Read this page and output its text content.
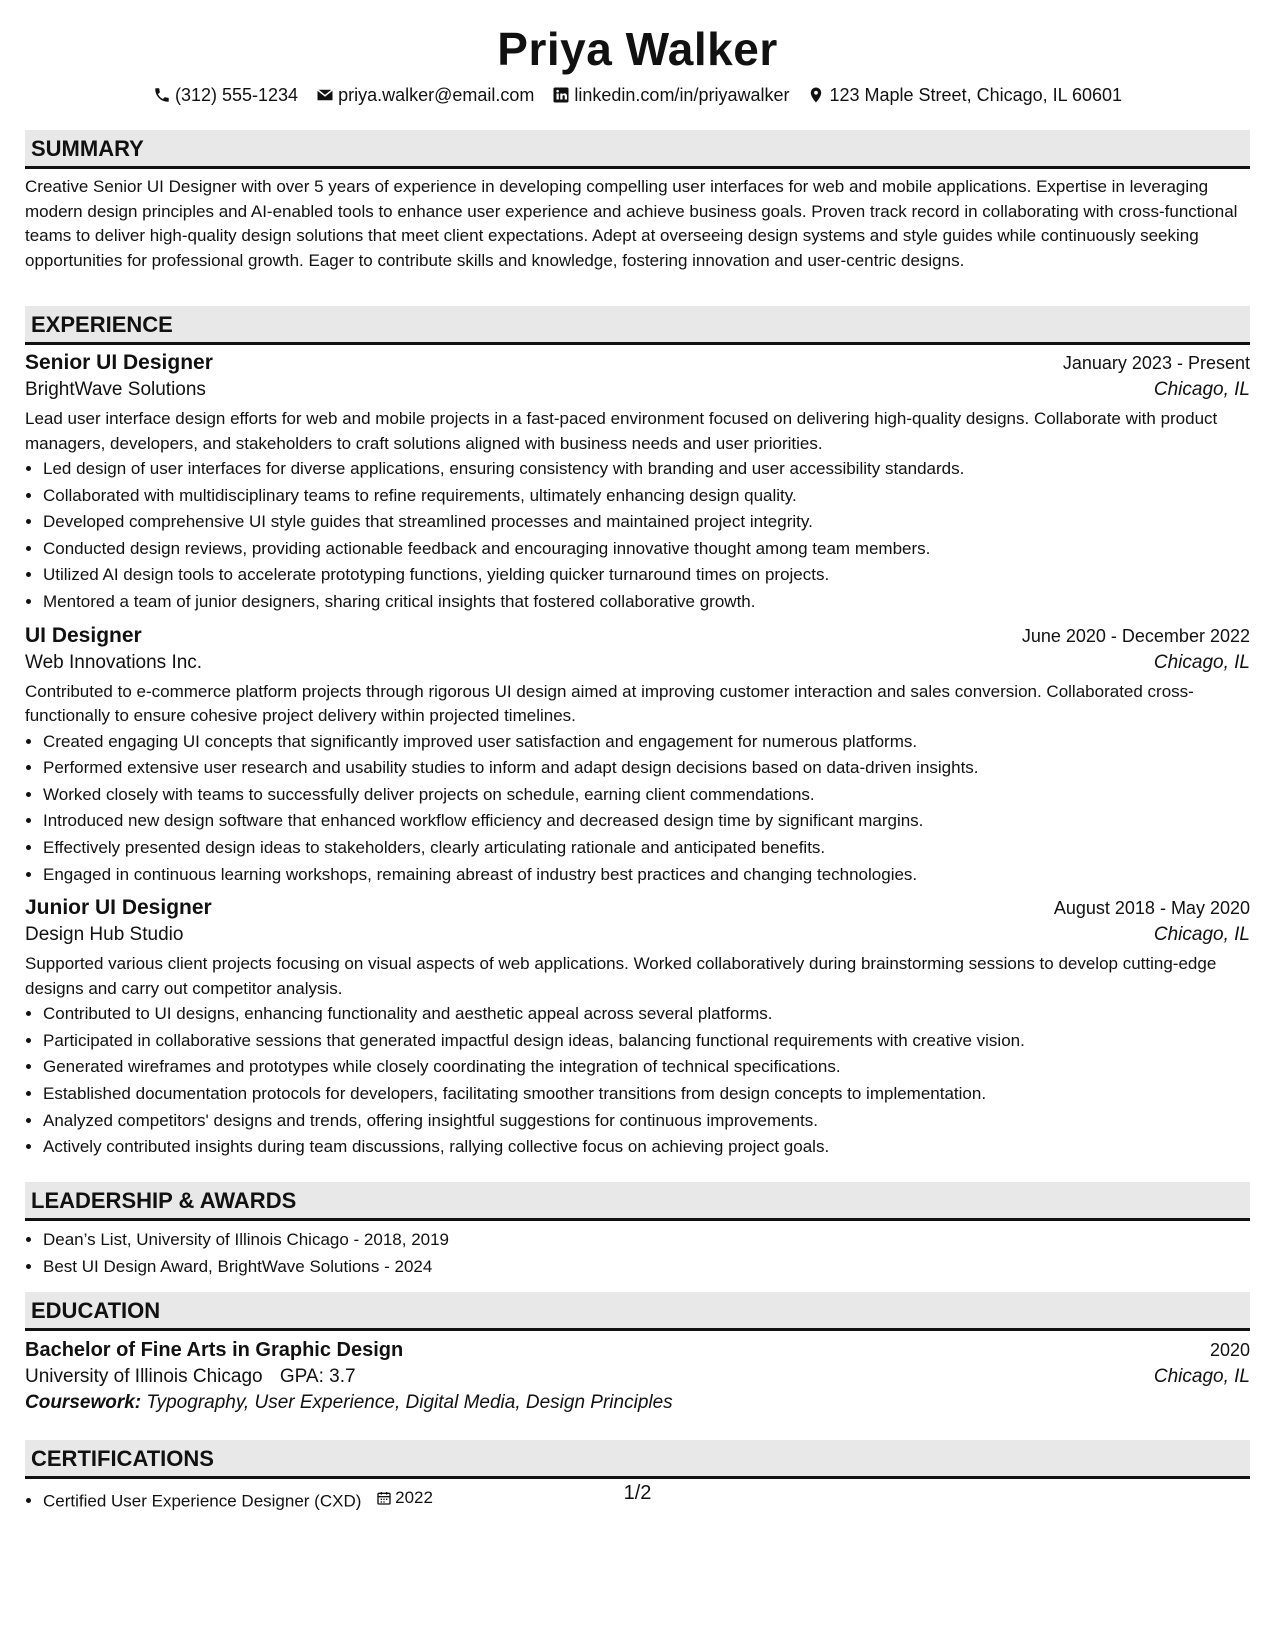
Priya Walker
(312) 555-1234 priya.walker@email.com linkedin.com/in/priyawalker 123 Maple Street, Chicago, IL 60601
SUMMARY

Creative Senior UI Designer with over 5 years of experience in developing compelling user interfaces for web and mobile applications. Expertise in leveraging modern design principles and AI-enabled tools to enhance user experience and achieve business goals. Proven track record in collaborating with cross-functional teams to deliver high-quality design solutions that meet client expectations. Adept at overseeing design systems and style guides while continuously seeking opportunities for professional growth. Eager to contribute skills and knowledge, fostering innovation and user-centric designs.

EXPERIENCE
Senior UI Designer	January 2023 - Present
BrightWave Solutions	Chicago, IL

Lead user interface design efforts for web and mobile projects in a fast-paced environment focused on delivering high-quality designs. Collaborate with product managers, developers, and stakeholders to craft solutions aligned with business needs and user priorities.

• Led design of user interfaces for diverse applications, ensuring consistency with branding and user accessibility standards.
• Collaborated with multidisciplinary teams to refine requirements, ultimately enhancing design quality.
• Developed comprehensive UI style guides that streamlined processes and maintained project integrity.
• Conducted design reviews, providing actionable feedback and encouraging innovative thought among team members.
• Utilized AI design tools to accelerate prototyping functions, yielding quicker turnaround times on projects.
• Mentored a team of junior designers, sharing critical insights that fostered collaborative growth.
UI Designer	June 2020 - December 2022
Web Innovations Inc.	Chicago, IL

Contributed to e-commerce platform projects through rigorous UI design aimed at improving customer interaction and sales conversion. Collaborated cross-functionally to ensure cohesive project delivery within projected timelines.

• Created engaging UI concepts that significantly improved user satisfaction and engagement for numerous platforms.
• Performed extensive user research and usability studies to inform and adapt design decisions based on data-driven insights.
• Worked closely with teams to successfully deliver projects on schedule, earning client commendations.
• Introduced new design software that enhanced workflow efficiency and decreased design time by significant margins.
• Effectively presented design ideas to stakeholders, clearly articulating rationale and anticipated benefits.
• Engaged in continuous learning workshops, remaining abreast of industry best practices and changing technologies.
Junior UI Designer	August 2018 - May 2020
Design Hub Studio	Chicago, IL

Supported various client projects focusing on visual aspects of web applications. Worked collaboratively during brainstorming sessions to develop cutting-edge designs and carry out competitor analysis.

• Contributed to UI designs, enhancing functionality and aesthetic appeal across several platforms.
• Participated in collaborative sessions that generated impactful design ideas, balancing functional requirements with creative vision.
• Generated wireframes and prototypes while closely coordinating the integration of technical specifications.
• Established documentation protocols for developers, facilitating smoother transitions from design concepts to implementation.
• Analyzed competitors' designs and trends, offering insightful suggestions for continuous improvements.
• Actively contributed insights during team discussions, rallying collective focus on achieving project goals.
LEADERSHIP & AWARDS
• Dean’s List, University of Illinois Chicago - 2018, 2019
• Best UI Design Award, BrightWave Solutions - 2024
EDUCATION
Bachelor of Fine Arts in Graphic Design	2020
University of Illinois Chicago GPA: 3.7	Chicago, IL
Coursework: Typography, User Experience, Digital Media, Design Principles
CERTIFICATIONS
• Certified User Experience Designer (CXD) 2022	1/2
